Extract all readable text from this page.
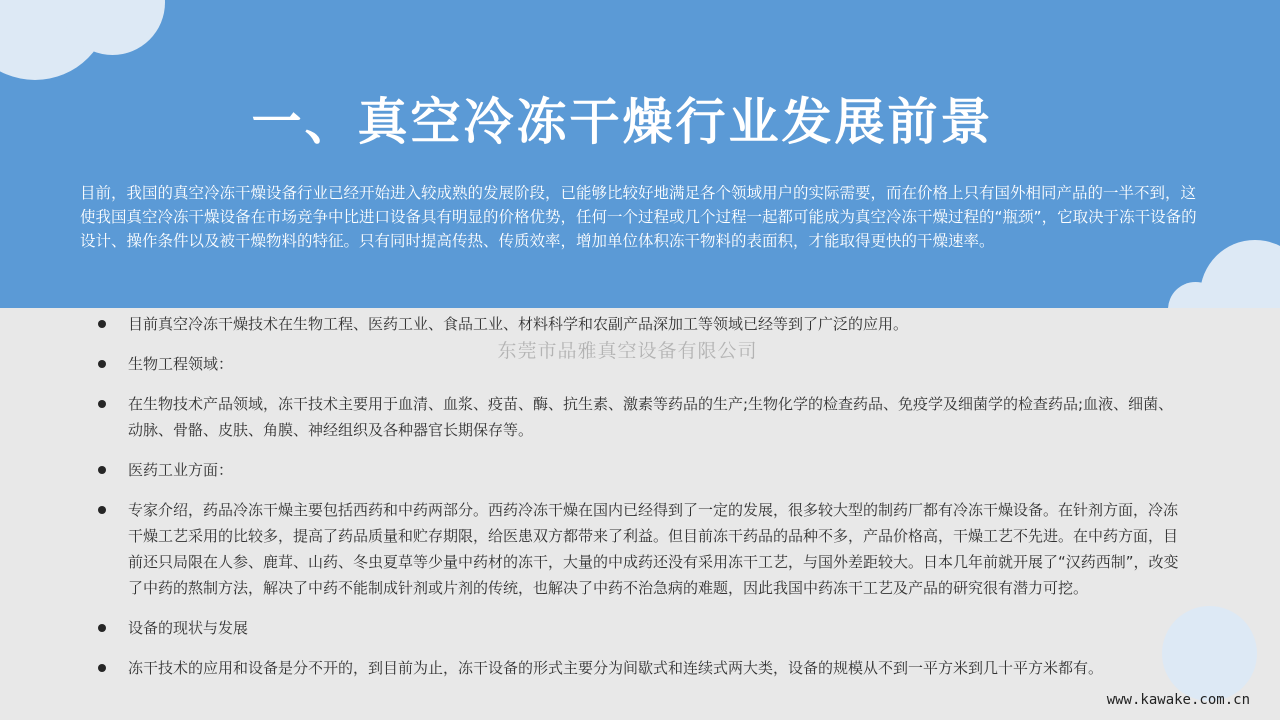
一、真空冷冻干燥行业发展前景

目前，我国的真空冷冻干燥设备行业已经开始进入较成熟的发展阶段，已能够比较好地满足各个领域用户的实际需要，而在价格上只有国外相同产品的一半不到，这使我国真空冷冻干燥设备在市场竞争中比进口设备具有明显的价格优势，任何一个过程或几个过程一起都可能成为真空冷冻干燥过程的“瓶颈”，它取决于冻干设备的设计、操作条件以及被干燥物料的特征。只有同时提高传热、传质效率，增加单位体积冻干物料的表面积，才能取得更快的干燥速率。

东莞市品雅真空设备有限公司
目前真空冷冻干燥技术在生物工程、医药工业、食品工业、材料科学和农副产品深加工等领域已经等到了广泛的应用。
生物工程领域：
在生物技术产品领域，冻干技术主要用于血清、血浆、疫苗、酶、抗生素、激素等药品的生产;生物化学的检查药品、免疫学及细菌学的检查药品;血液、细菌、动脉、骨骼、皮肤、角膜、神经组织及各种器官长期保存等。
医药工业方面：
专家介绍，药品冷冻干燥主要包括西药和中药两部分。西药冷冻干燥在国内已经得到了一定的发展，很多较大型的制药厂都有冷冻干燥设备。在针剂方面，冷冻干燥工艺采用的比较多，提高了药品质量和贮存期限，给医患双方都带来了利益。但目前冻干药品的品种不多，产品价格高，干燥工艺不先进。在中药方面，目前还只局限在人参、鹿茸、山药、冬虫夏草等少量中药材的冻干，大量的中成药还没有采用冻干工艺，与国外差距较大。日本几年前就开展了“汉药西制”，改变了中药的熬制方法，解决了中药不能制成针剂或片剂的传统，也解决了中药不治急病的难题，因此我国中药冻干工艺及产品的研究很有潜力可挖。
设备的现状与发展
冻干技术的应用和设备是分不开的，到目前为止，冻干设备的形式主要分为间歇式和连续式两大类，设备的规模从不到一平方米到几十平方米都有。
www.kawake.com.cn
